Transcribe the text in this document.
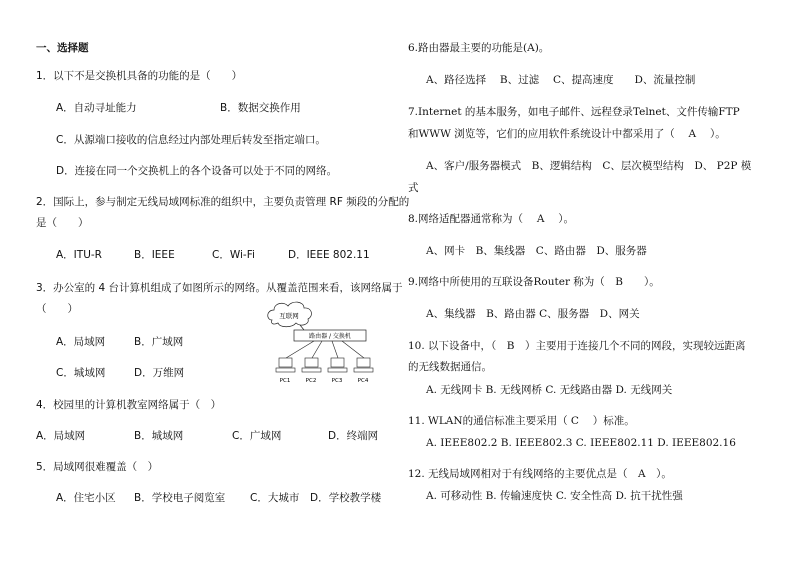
一、选择题
1．以下不是交换机具备的功能的是（　　）
A．自动寻址能力	B．数据交换作用
C．从源端口接收的信息经过内部处理后转发至指定端口。
D．连接在同一个交换机上的各个设备可以处于不同的网络。
2．国际上，参与制定无线局域网标准的组织中，主要负责管理 RF 频段的分配的
是（　　）
A．ITU-R	B．IEEE	C．Wi-Fi	D．IEEE 802.11
3．办公室的 4 台计算机组成了如图所示的网络。从覆盖范围来看，该网络属于
（　　）
A．局域网	B．广域网
C．城域网	D．万维网
互联网
路由器 / 交换机
PC1	PC2	PC3	PC4
4．校园里的计算机教室网络属于（　）
A．局域网	B．城域网	C．广域网	D．终端网
5．局域网很难覆盖（　）
A．住宅小区 B．学校电子阅览室 C．大城市 D．学校教学楼
6.路由器最主要的功能是(A)。
A、路径选择　 B、过滤　 C、提高速度　　D、流量控制
7.Internet 的基本服务，如电子邮件、远程登录Telnet、文件传输FTP
和WWW 浏览等，它们的应用软件系统设计中都采用了（　 A　 ）。
A、客户/服务器模式　B、逻辑结构　C、层次模型结构　D、 P2P 模
式
8.网络适配器通常称为（　 A　 ）。
A、网卡　B、集线器　C、路由器　D、服务器
9.网络中所使用的互联设备Router 称为（　B　　）。
A、集线器　B、路由器 C、服务器　D、网关
10. 以下设备中，（　B　）主要用于连接几个不同的网段，实现较远距离
的无线数据通信。
A. 无线网卡 B. 无线网桥 C. 无线路由器 D. 无线网关
11. WLAN的通信标准主要采用（ C　 ）标准。
A. IEEE802.2 B. IEEE802.3 C. IEEE802.11 D. IEEE802.16
12. 无线局域网相对于有线网络的主要优点是（　A　）。
A. 可移动性 B. 传输速度快 C. 安全性高 D. 抗干扰性强
